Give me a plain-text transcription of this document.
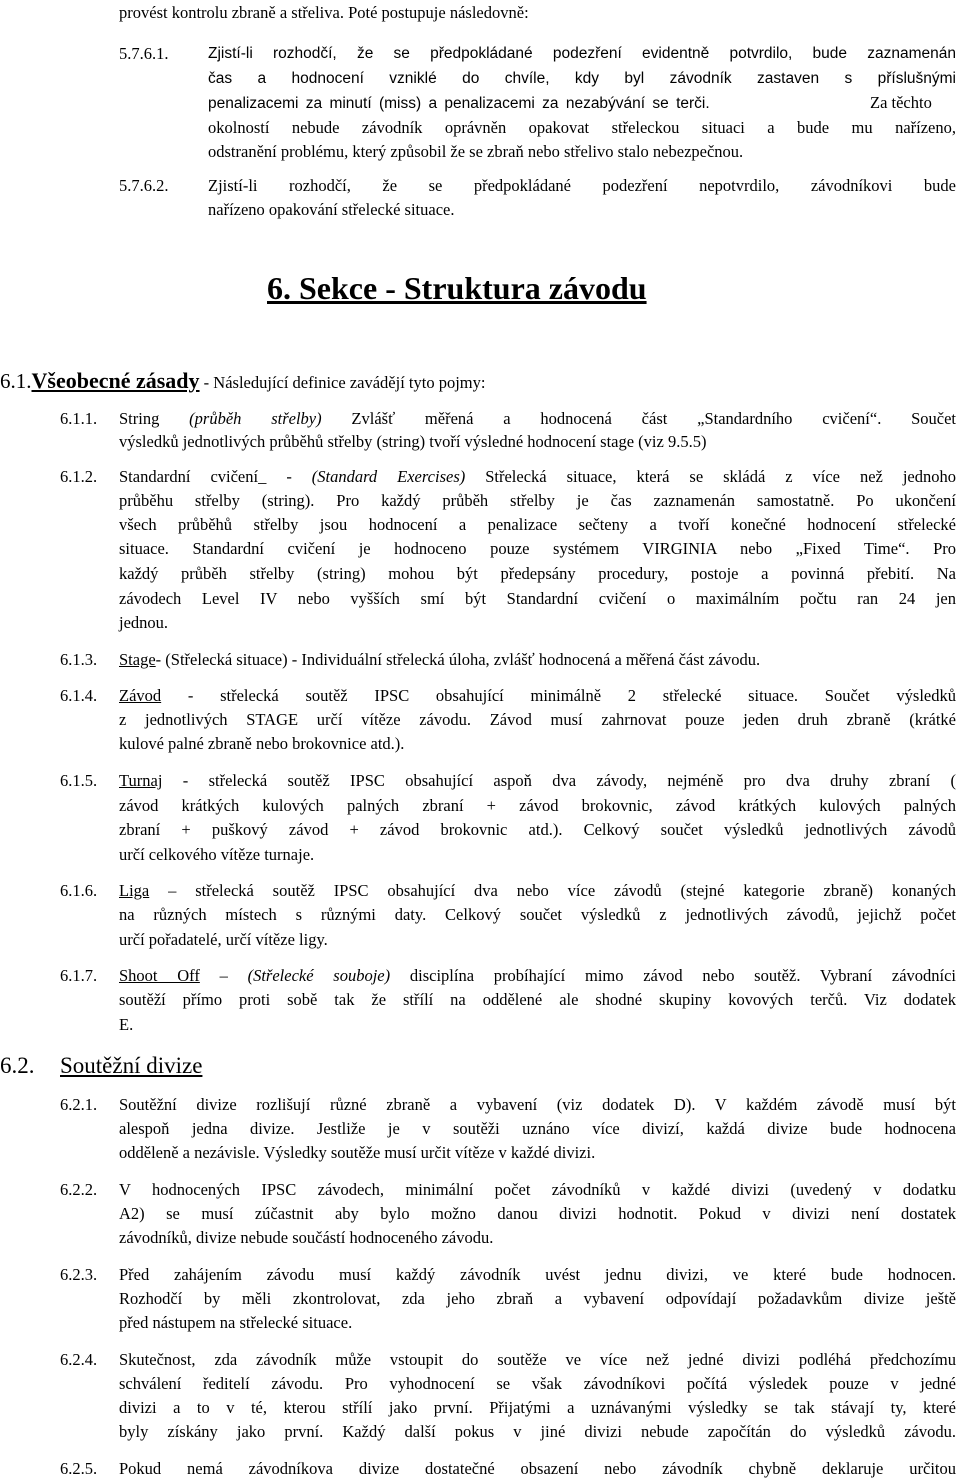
provést kontrolu zbraně a střeliva. Poté postupuje následovně:
5.7.6.1.	Zjistí-li rozhodčí, že se předpokládané podezření evidentně potvrdilo, bude zaznamenán
čas a hodnocení vzniklé do chvíle, kdy byl závodník zastaven s příslušnými
penalizacemi za minutí (miss) a penalizacemi za nezabývání se terči.	Za těchto
okolností nebude závodník oprávněn opakovat střeleckou situaci a bude mu nařízeno,
odstranění problému, který způsobil že se zbraň nebo střelivo stalo nebezpečnou.
5.7.6.2. Zjistí-li rozhodčí, že se předpokládané podezření nepotvrdilo, závodníkovi bude
nařízeno opakování střelecké situace.
6. Sekce - Struktura závodu
6.1.Všeobecné zásady - Následující definice zavádějí tyto pojmy:
6.1.1. String (průběh střelby) Zvlášť měřená a hodnocená část „Standardního cvičení“. Součet
výsledků jednotlivých průběhů střelby (string) tvoří výsledné hodnocení stage (viz 9.5.5)
6.1.2. Standardní cvičení_ - (Standard Exercises) Střelecká situace, která se skládá z více než jednoho
průběhu střelby (string). Pro každý průběh střelby je čas zaznamenán samostatně. Po ukončení
všech průběhů střelby jsou hodnocení a penalizace sečteny a tvoří konečné hodnocení střelecké
situace. Standardní cvičení je hodnoceno pouze systémem VIRGINIA nebo „Fixed Time“. Pro
každý průběh střelby (string) mohou být předepsány procedury, postoje a povinná přebití. Na
závodech Level IV nebo vyšších smí být Standardní cvičení o maximálním počtu ran 24 jen
jednou.
6.1.3. Stage- (Střelecká situace) - Individuální střelecká úloha, zvlášť hodnocená a měřená část závodu.
6.1.4. Závod - střelecká soutěž IPSC obsahující minimálně 2 střelecké situace. Součet výsledků
z jednotlivých STAGE určí vítěze závodu. Závod musí zahrnovat pouze jeden druh zbraně (krátké
kulové palné zbraně nebo brokovnice atd.).
6.1.5. Turnaj - střelecká soutěž IPSC obsahující aspoň dva závody, nejméně pro dva druhy zbraní (
závod krátkých kulových palných zbraní + závod brokovnic, závod krátkých kulových palných
zbraní + puškový závod + závod brokovnic atd.). Celkový součet výsledků jednotlivých závodů
určí celkového vítěze turnaje.
6.1.6. Liga – střelecká soutěž IPSC obsahující dva nebo více závodů (stejné kategorie zbraně) konaných
na různých místech s různými daty. Celkový součet výsledků z jednotlivých závodů, jejichž počet
určí pořadatelé, určí vítěze ligy.
6.1.7. Shoot Off – (Střelecké souboje) disciplína probíhající mimo závod nebo soutěž. Vybraní závodníci
soutěží přímo proti sobě tak že střílí na oddělené ale shodné skupiny kovových terčů. Viz dodatek
E.
6.2. Soutěžní divize
6.2.1. Soutěžní divize rozlišují různé zbraně a vybavení (viz dodatek D). V každém závodě musí být
alespoň jedna divize. Jestliže je v soutěži uznáno více divizí, každá divize bude hodnocena
odděleně a nezávisle. Výsledky soutěže musí určit vítěze v každé divizi.
6.2.2. V hodnocených IPSC závodech, minimální počet závodníků v každé divizi (uvedený v dodatku
A2) se musí zúčastnit aby bylo možno danou divizi hodnotit. Pokud v divizi není dostatek
závodníků, divize nebude součástí hodnoceného závodu.
6.2.3. Před zahájením závodu musí každý závodník uvést jednu divizi, ve které bude hodnocen.
Rozhodčí by měli zkontrolovat, zda jeho zbraň a vybavení odpovídají požadavkům divize ještě
před nástupem na střelecké situace.
6.2.4. Skutečnost, zda závodník může vstoupit do soutěže ve více než jedné divizi podléhá předchozímu
schválení ředitelí závodu. Pro vyhodnocení se však závodníkovi počítá výsledek pouze v jedné
divizi a to v té, kterou střílí jako první. Přijatými a uznávanými výsledky se tak stávají ty, které
byly získány jako první. Každý další pokus v jiné divizi nebude započítán do výsledků závodu.
6.2.5. Pokud nemá závodníkova divize dostatečné obsazení nebo závodník chybně deklaruje určitou
